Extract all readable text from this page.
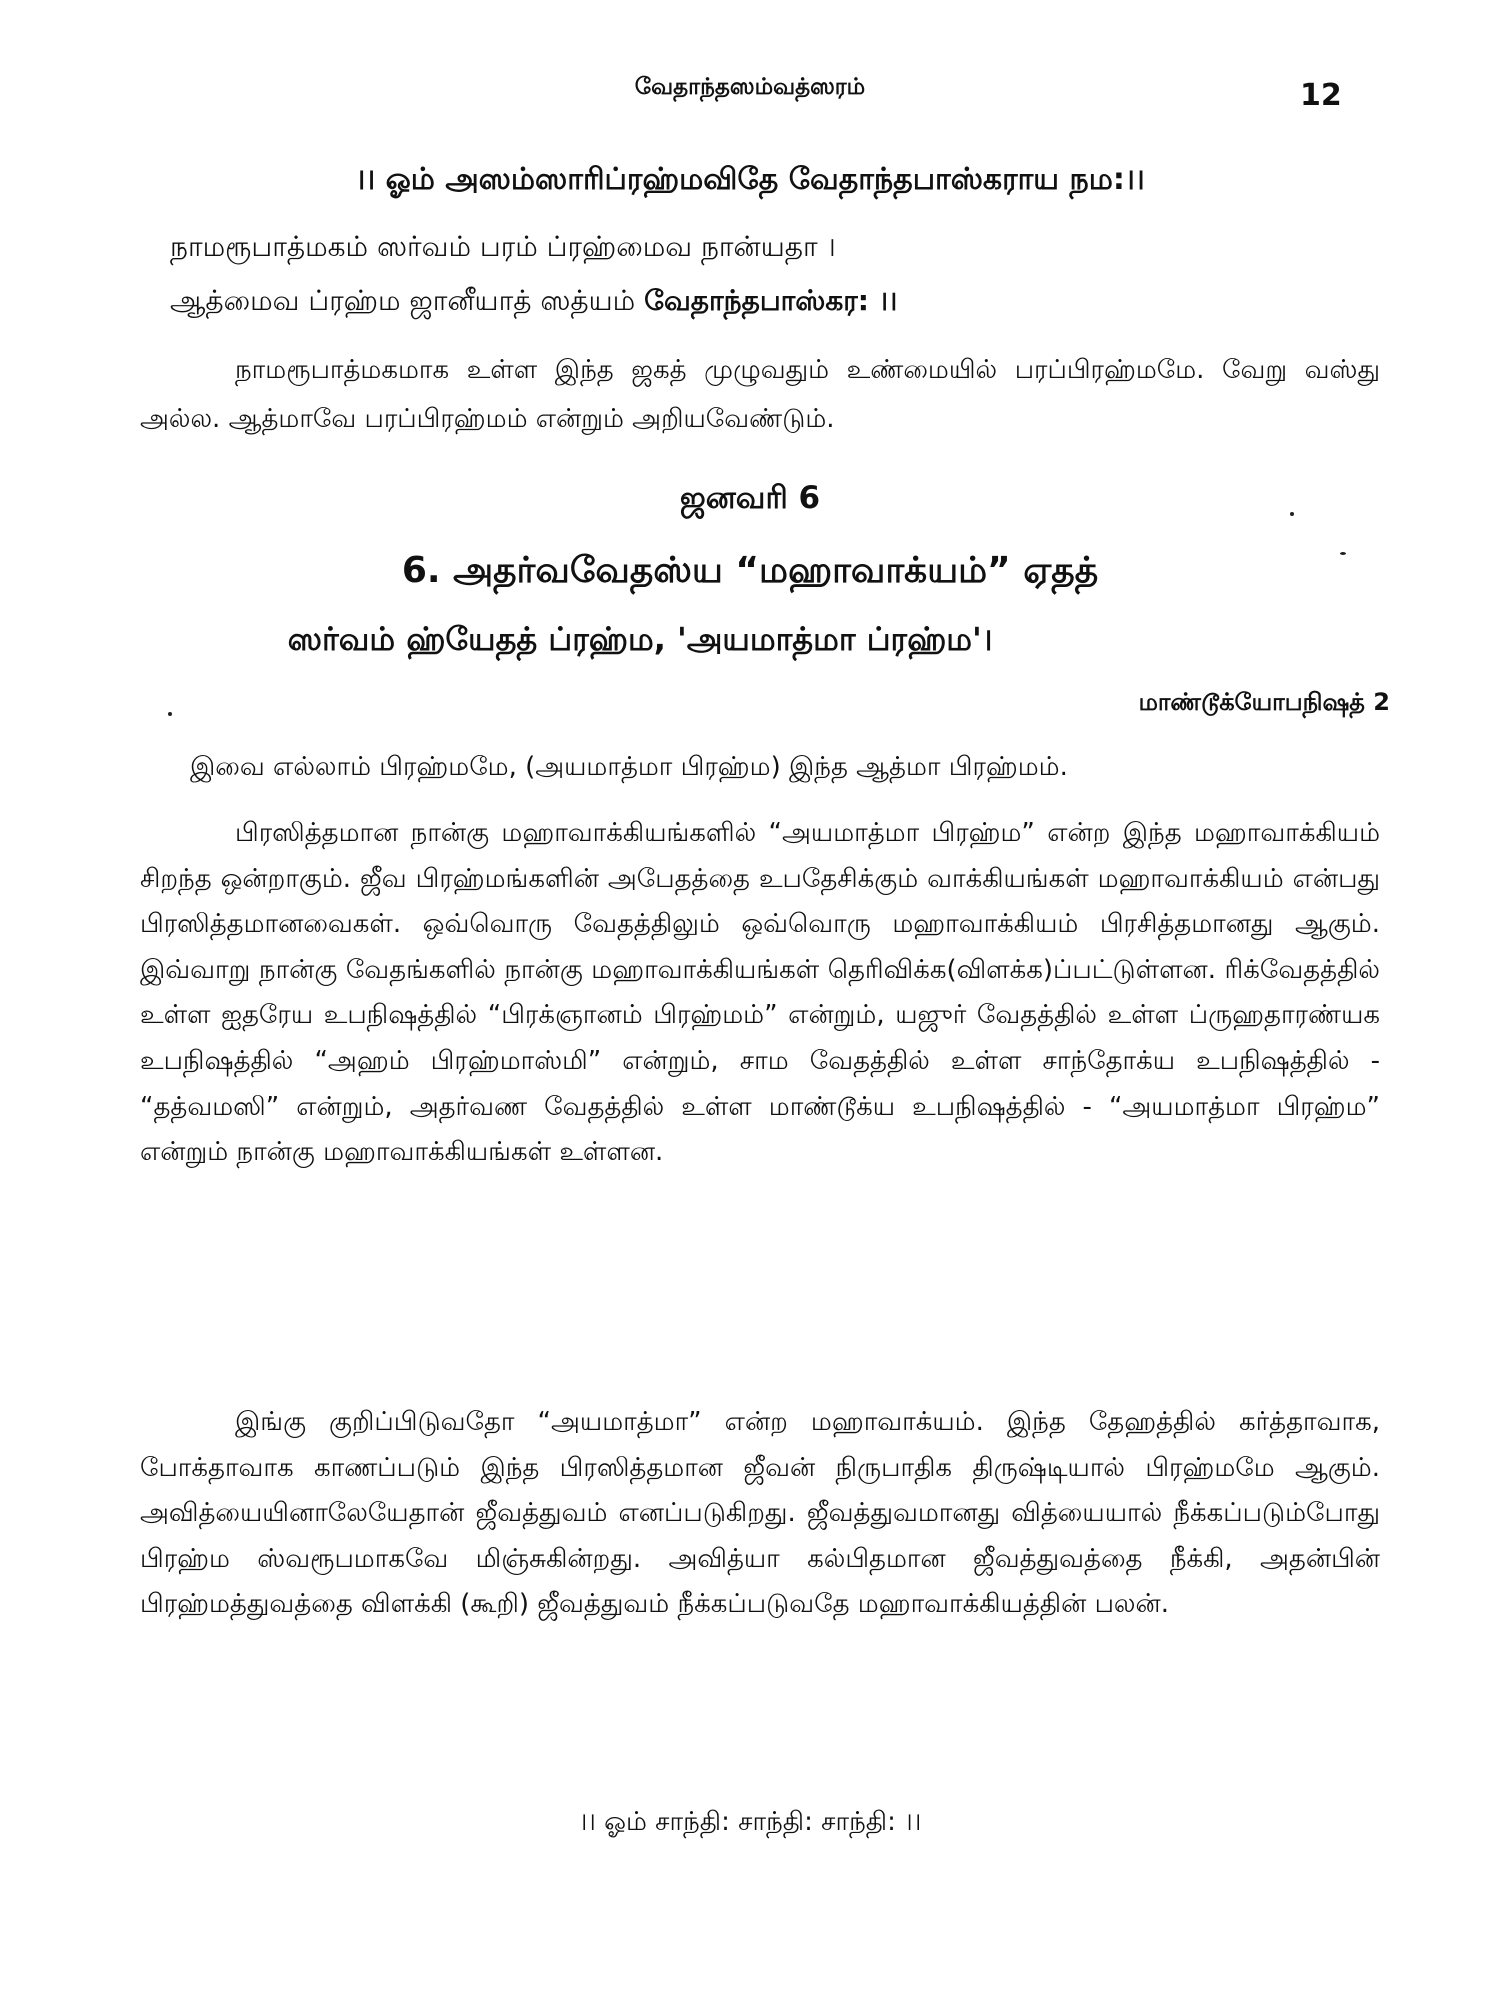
வேதாந்தஸம்வத்ஸரம்	12
।। ஓம் அஸம்ஸாரிப்ரஹ்மவிதே வேதாந்தபாஸ்கராய நம:।।
நாமரூபாத்மகம் ஸர்வம் பரம் ப்ரஹ்மைவ நான்யதா ।
ஆத்மைவ ப்ரஹ்ம ஜானீயாத் ஸத்யம் வேதாந்தபாஸ்கர: ।।
நாமரூபாத்மகமாக உள்ள இந்த ஜகத் முழுவதும் உண்மையில் பரப்பிரஹ்மமே. வேறு வஸ்து அல்ல. ஆத்மாவே பரப்பிரஹ்மம் என்றும் அறியவேண்டும்.
ஜனவரி 6
6. அதர்வவேதஸ்ய “மஹாவாக்யம்” ஏதத்
ஸர்வம் ஹ்யேதத் ப்ரஹ்ம, 'அயமாத்மா ப்ரஹ்ம'।
மாண்டூக்யோபநிஷத் 2
இவை எல்லாம் பிரஹ்மமே, (அயமாத்மா பிரஹ்ம) இந்த ஆத்மா பிரஹ்மம்.
பிரஸித்தமான நான்கு மஹாவாக்கியங்களில் “அயமாத்மா பிரஹ்ம” என்ற இந்த மஹாவாக்கியம் சிறந்த ஒன்றாகும். ஜீவ பிரஹ்மங்களின் அபேதத்தை உபதேசிக்கும் வாக்கியங்கள் மஹாவாக்கியம் என்பது பிரஸித்தமானவைகள். ஒவ்வொரு வேதத்திலும் ஒவ்வொரு மஹாவாக்கியம் பிரசித்தமானது ஆகும். இவ்வாறு நான்கு வேதங்களில் நான்கு மஹாவாக்கியங்கள் தெரிவிக்க(விளக்க)ப்பட்டுள்ளன. ரிக்வேதத்தில் உள்ள ஐதரேய உபநிஷத்தில் “பிரக்ஞானம் பிரஹ்மம்” என்றும், யஜுர் வேதத்தில் உள்ள ப்ருஹதாரண்யக உபநிஷத்தில் “அஹம் பிரஹ்மாஸ்மி” என்றும், சாம வேதத்தில் உள்ள சாந்தோக்ய உபநிஷத்தில் - “தத்வமஸி” என்றும், அதர்வண வேதத்தில் உள்ள மாண்டூக்ய உபநிஷத்தில் - “அயமாத்மா பிரஹ்ம” என்றும் நான்கு மஹாவாக்கியங்கள் உள்ளன.
இங்கு குறிப்பிடுவதோ “அயமாத்மா” என்ற மஹாவாக்யம். இந்த தேஹத்தில் கர்த்தாவாக, போக்தாவாக காணப்படும் இந்த பிரஸித்தமான ஜீவன் நிருபாதிக திருஷ்டியால் பிரஹ்மமே ஆகும். அவித்யையினாலேயேதான் ஜீவத்துவம் எனப்படுகிறது. ஜீவத்துவமானது வித்யையால் நீக்கப்படும்போது பிரஹ்ம ஸ்வரூபமாகவே மிஞ்சுகின்றது. அவித்யா கல்பிதமான ஜீவத்துவத்தை நீக்கி, அதன்பின் பிரஹ்மத்துவத்தை விளக்கி (கூறி) ஜீவத்துவம் நீக்கப்படுவதே மஹாவாக்கியத்தின் பலன்.
।। ஓம் சாந்தி: சாந்தி: சாந்தி: ।।
